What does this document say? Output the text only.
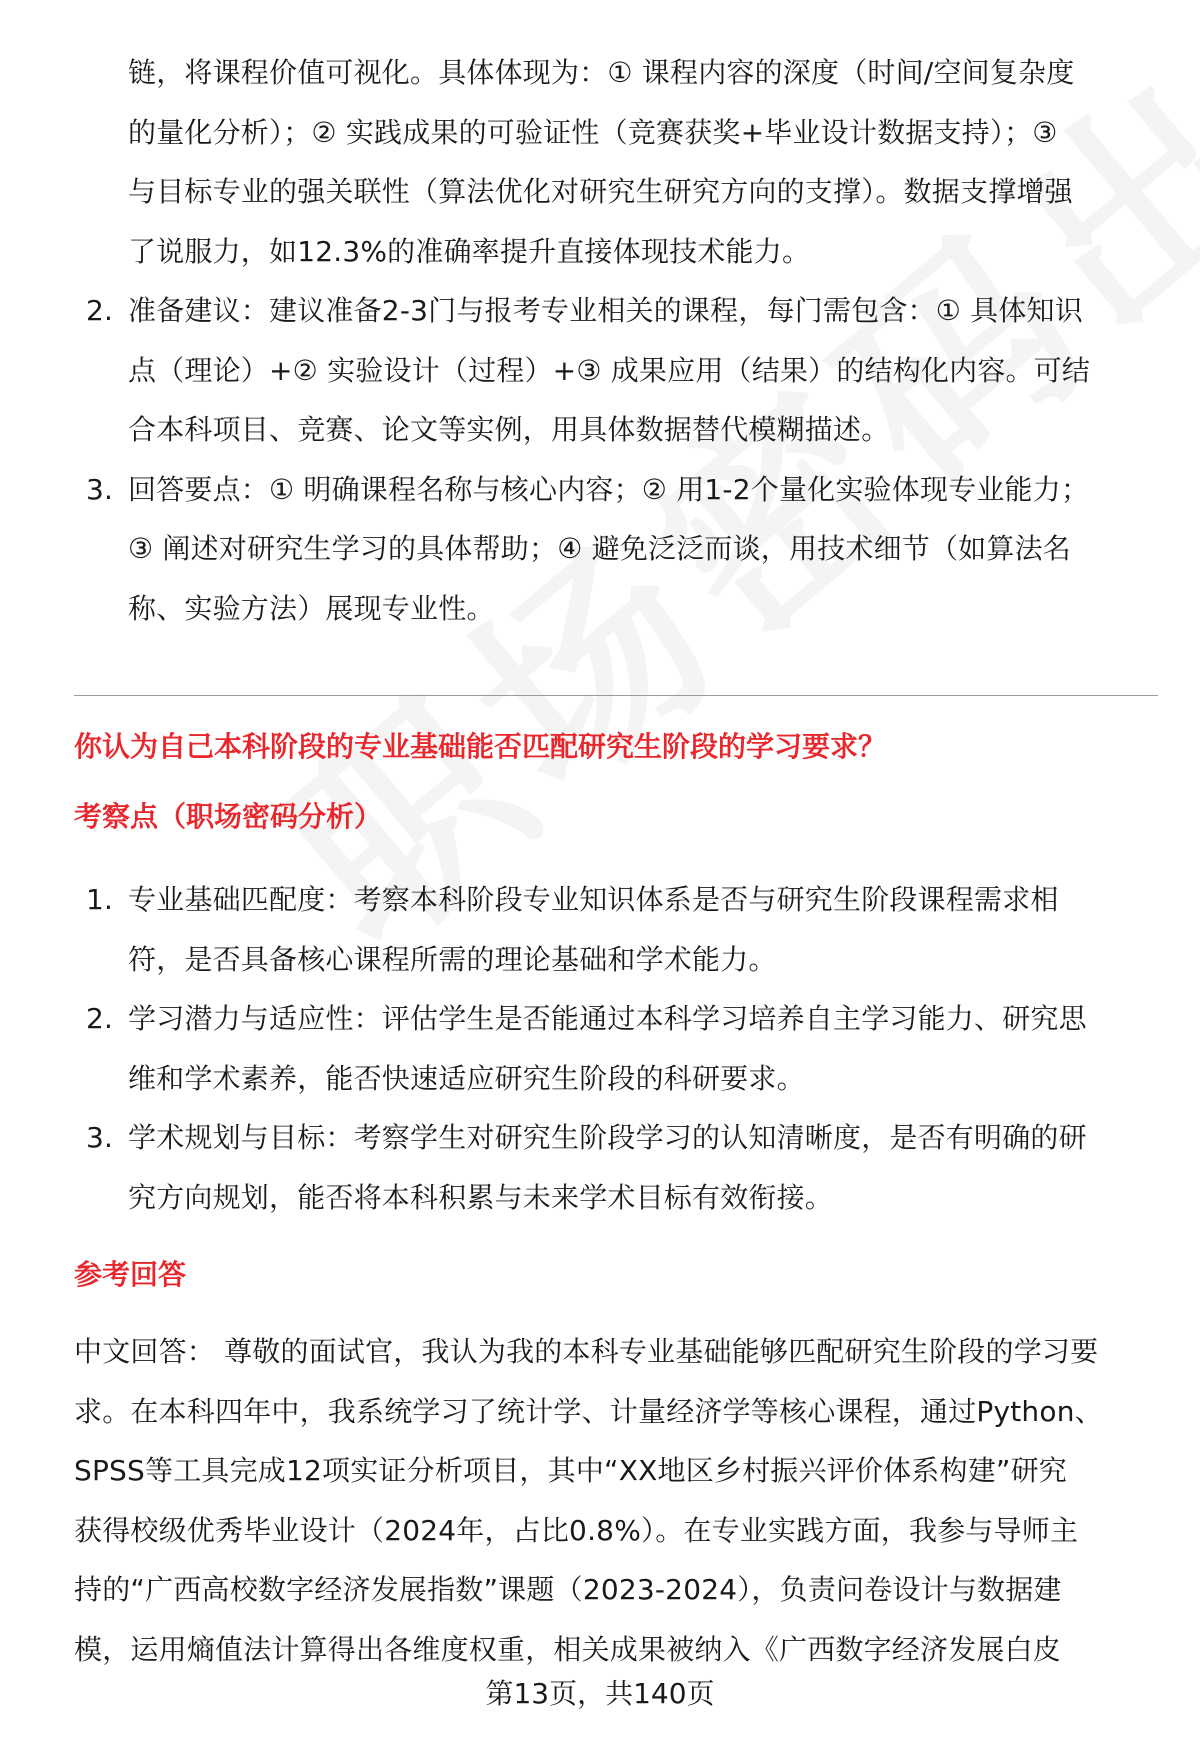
链，将课程价值可视化。具体体现为：① 课程内容的深度（时间/空间复杂度
的量化分析）；② 实践成果的可验证性（竞赛获奖+毕业设计数据支持）；③
与目标专业的强关联性（算法优化对研究生研究方向的支撑）。数据支撑增强
了说服力，如12.3%的准确率提升直接体现技术能力。
2. 准备建议：建议准备2-3门与报考专业相关的课程，每门需包含：① 具体知识
点（理论）+② 实验设计（过程）+③ 成果应用（结果）的结构化内容。可结
合本科项目、竞赛、论文等实例，用具体数据替代模糊描述。
3. 回答要点：① 明确课程名称与核心内容；② 用1-2个量化实验体现专业能力；
③ 阐述对研究生学习的具体帮助；④ 避免泛泛而谈，用技术细节（如算法名
称、实验方法）展现专业性。
你认为自己本科阶段的专业基础能否匹配研究生阶段的学习要求？
考察点（职场密码分析）
1. 专业基础匹配度：考察本科阶段专业知识体系是否与研究生阶段课程需求相
符，是否具备核心课程所需的理论基础和学术能力。
2. 学习潜力与适应性：评估学生是否能通过本科学习培养自主学习能力、研究思
维和学术素养，能否快速适应研究生阶段的科研要求。
3. 学术规划与目标：考察学生对研究生阶段学习的认知清晰度，是否有明确的研
究方向规划，能否将本科积累与未来学术目标有效衔接。
参考回答
中文回答： 尊敬的面试官，我认为我的本科专业基础能够匹配研究生阶段的学习要
求。在本科四年中，我系统学习了统计学、计量经济学等核心课程，通过Python、
SPSS等工具完成12项实证分析项目，其中“XX地区乡村振兴评价体系构建”研究
获得校级优秀毕业设计（2024年，占比0.8%）。在专业实践方面，我参与导师主
持的“广西高校数字经济发展指数”课题（2023-2024），负责问卷设计与数据建
模，运用熵值法计算得出各维度权重，相关成果被纳入《广西数字经济发展白皮
第13页，共140页
